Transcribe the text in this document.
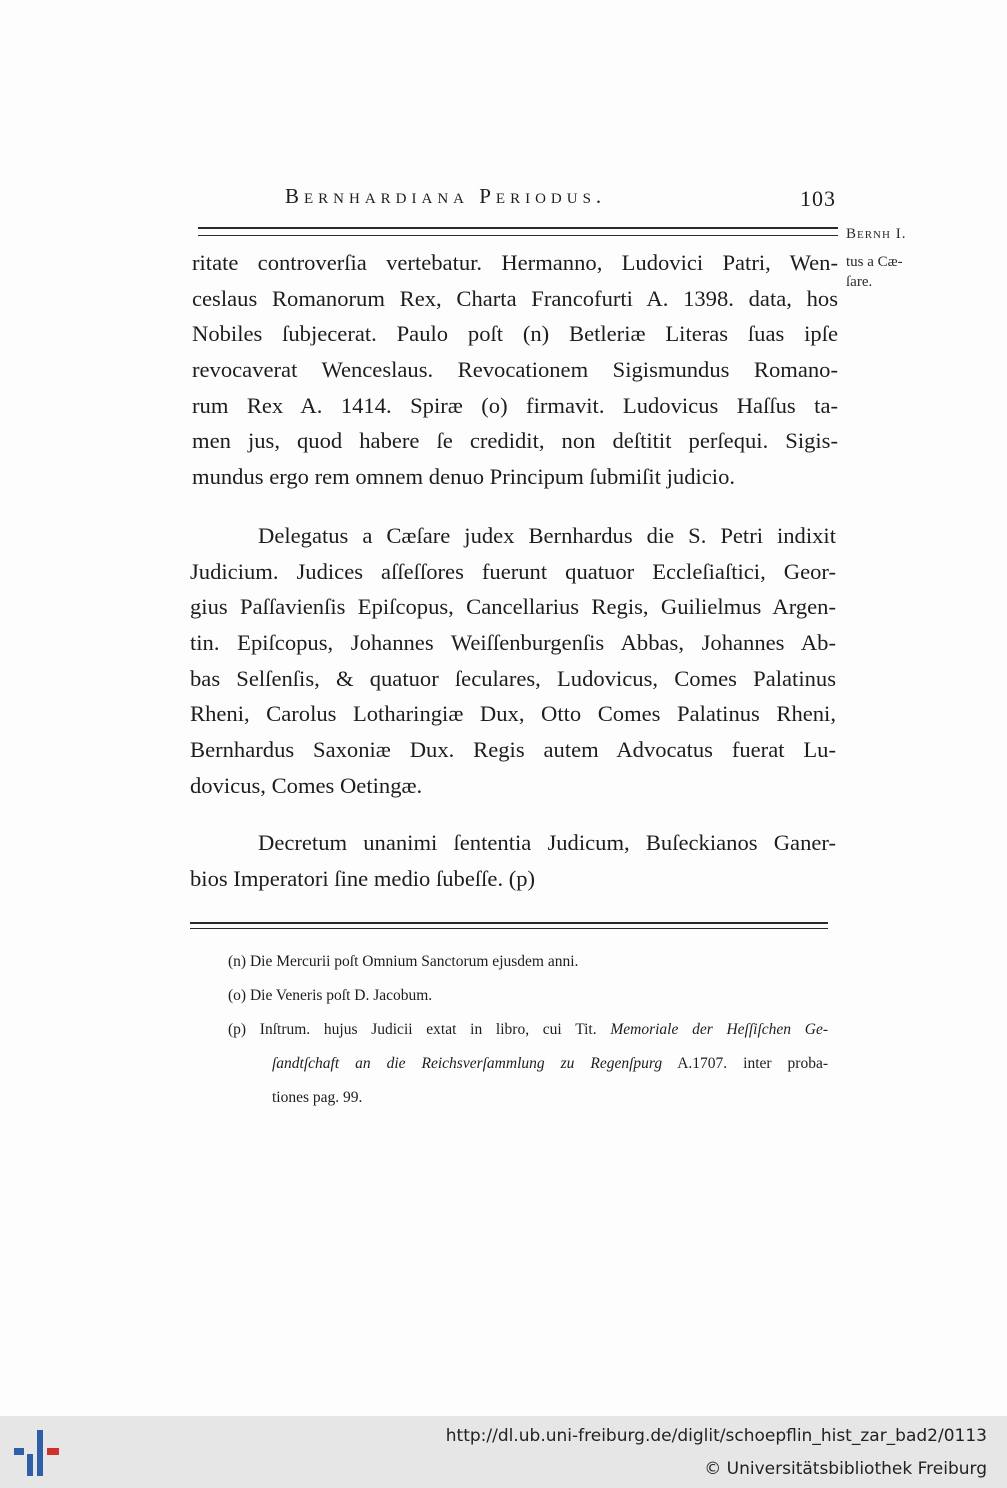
Bernhardiana Periodus.	103
Bernh I.
tus a Cæ-
ſare.
ritate controverſia vertebatur. Hermanno, Ludovici Patri, Wen-
ceslaus Romanorum Rex, Charta Francofurti A. 1398. data, hos
Nobiles ſubjecerat. Paulo poſt (n) Betleriæ Literas ſuas ipſe
revocaverat Wenceslaus. Revocationem Sigismundus Romano-
rum Rex A. 1414. Spiræ (o) firmavit. Ludovicus Haſſus ta-
men jus, quod habere ſe credidit, non deſtitit perſequi. Sigis-
mundus ergo rem omnem denuo Principum ſubmiſit judicio.
Delegatus a Cæſare judex Bernhardus die S. Petri indixit
Judicium. Judices aſſeſſores fuerunt quatuor Eccleſiaſtici, Geor-
gius Paſſavienſis Epiſcopus, Cancellarius Regis, Guilielmus Argen-
tin. Epiſcopus, Johannes Weiſſenburgenſis Abbas, Johannes Ab-
bas Selſenſis, & quatuor ſeculares, Ludovicus, Comes Palatinus
Rheni, Carolus Lotharingiæ Dux, Otto Comes Palatinus Rheni,
Bernhardus Saxoniæ Dux. Regis autem Advocatus fuerat Lu-
dovicus, Comes Oetingæ.
Decretum unanimi ſententia Judicum, Buſeckianos Ganer-
bios Imperatori ſine medio ſubeſſe. (p)
(n) Die Mercurii poſt Omnium Sanctorum ejusdem anni.
(o) Die Veneris poſt D. Jacobum.
(p) Inſtrum. hujus Judicii extat in libro, cui Tit. Memoriale der Heſſiſchen Ge-
ſandtſchaft an die Reichsverſammlung zu Regenſpurg A.1707. inter proba-
tiones pag. 99.
http://dl.ub.uni-freiburg.de/diglit/schoepflin_hist_zar_bad2/0113
© Universitätsbibliothek Freiburg
